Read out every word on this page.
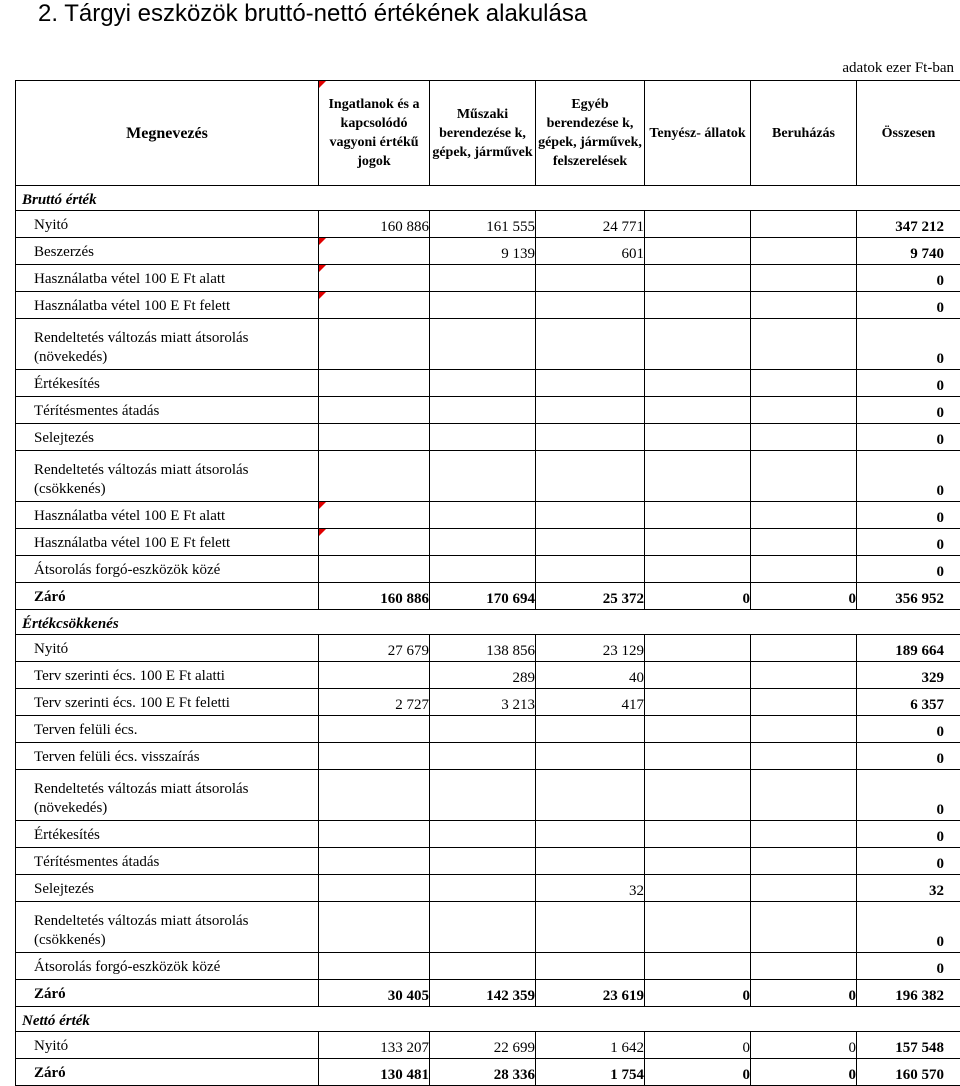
2. Tárgyi eszközök bruttó-nettó értékének alakulása
adatok ezer Ft-ban
Megnevezés	Ingatlanok és a kapcsolódó vagyoni értékű jogok	Műszaki berendezése k, gépek, járművek	Egyéb berendezése k, gépek, járművek, felszerelések	Tenyész- állatok	Beruházás	Összesen
Bruttó érték						
Nyitó	160 886	161 555	24 771			347 212
Beszerzés		9 139	601			9 740
Használatba vétel 100 E Ft alatt						0
Használatba vétel 100 E Ft felett						0
Rendeltetés változás miatt átsorolás (növekedés)						0
Értékesítés						0
Térítésmentes átadás						0
Selejtezés						0
Rendeltetés változás miatt átsorolás (csökkenés)						0
Használatba vétel 100 E Ft alatt						0
Használatba vétel 100 E Ft felett						0
Átsorolás forgó-eszközök közé						0
Záró	160 886	170 694	25 372	0	0	356 952
Értékcsökkenés						
Nyitó	27 679	138 856	23 129			189 664
Terv szerinti écs. 100 E Ft alatti		289	40			329
Terv szerinti écs. 100 E Ft feletti	2 727	3 213	417			6 357
Terven felüli écs.						0
Terven felüli écs. visszaírás						0
Rendeltetés változás miatt átsorolás (növekedés)						0
Értékesítés						0
Térítésmentes átadás						0
Selejtezés			32			32
Rendeltetés változás miatt átsorolás (csökkenés)						0
Átsorolás forgó-eszközök közé						0
Záró	30 405	142 359	23 619	0	0	196 382
Nettó érték						
Nyitó	133 207	22 699	1 642	0	0	157 548
Záró	130 481	28 336	1 754	0	0	160 570
